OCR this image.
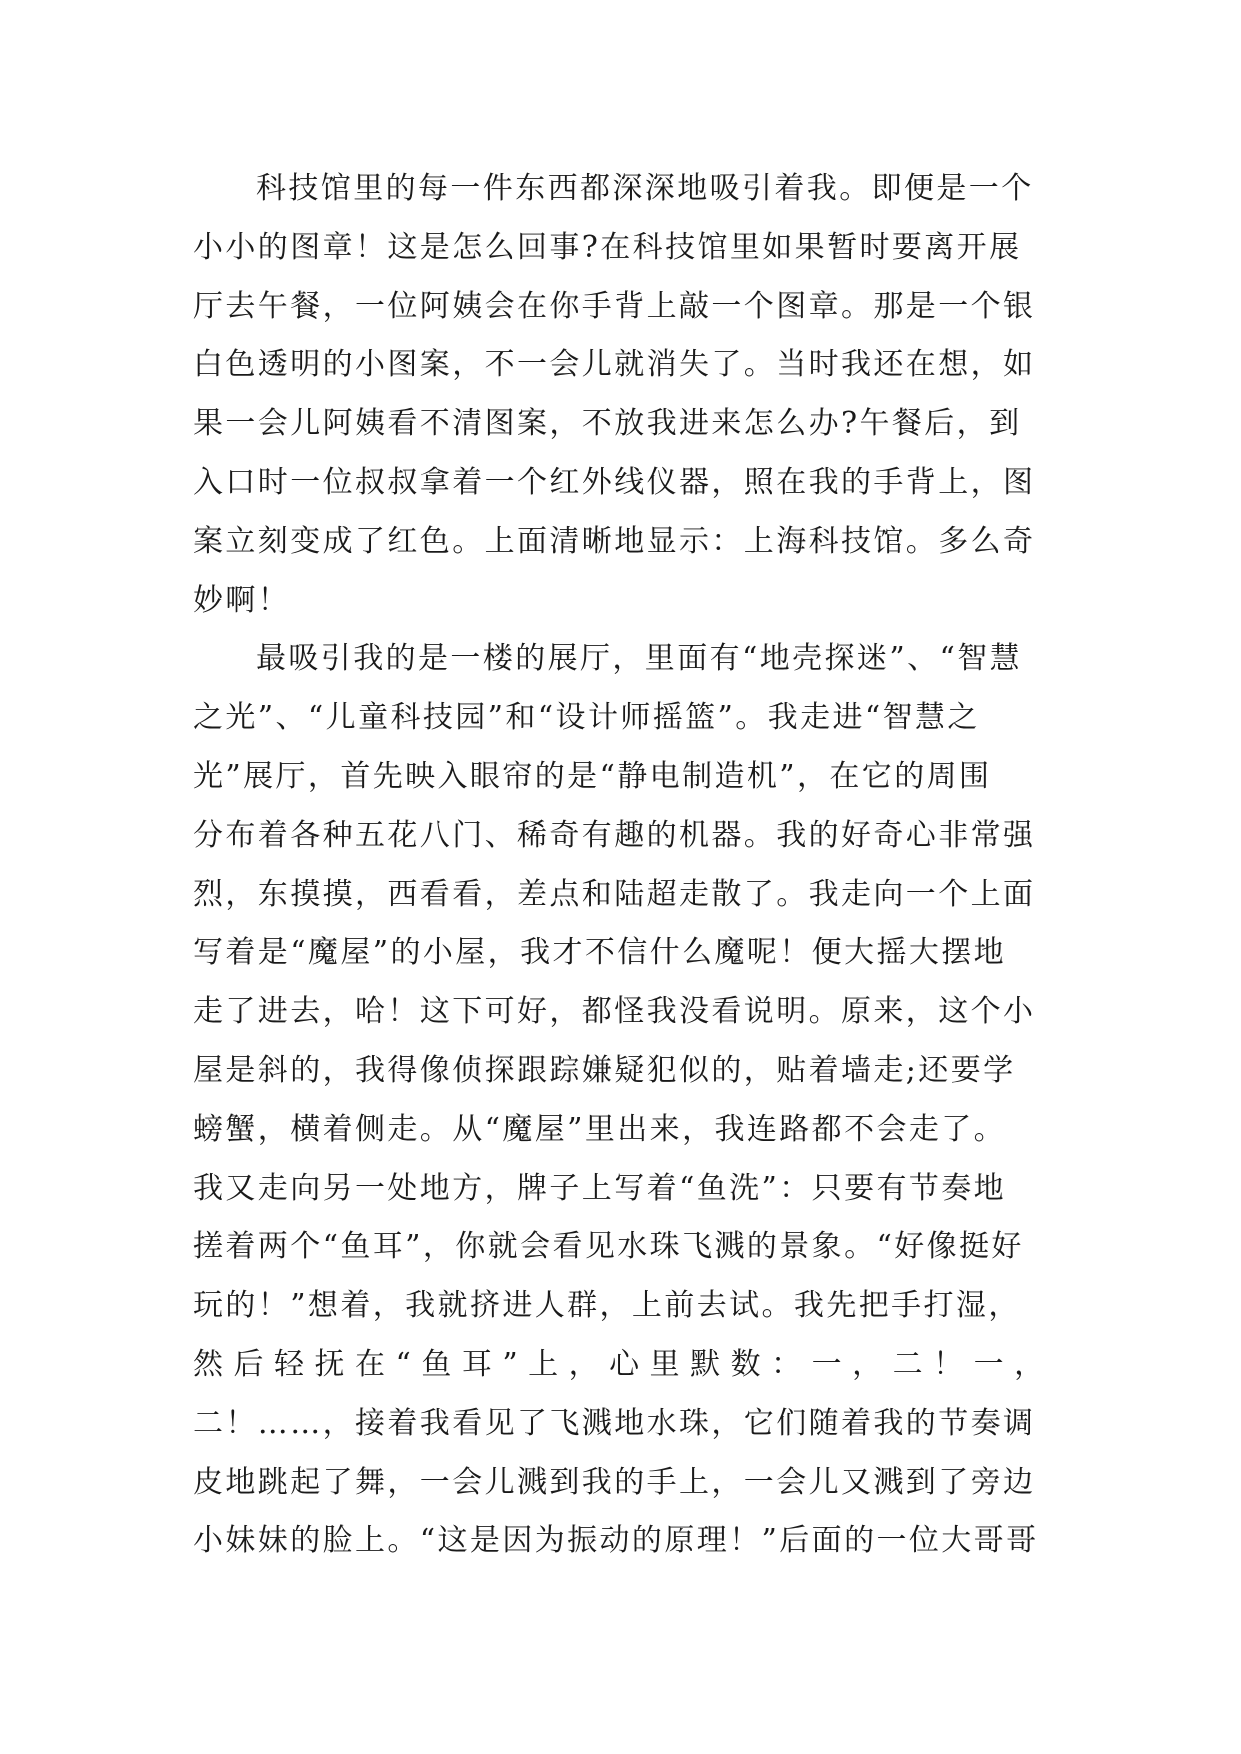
科技馆里的每一件东西都深深地吸引着我。即便是一个
小小的图章！这是怎么回事?在科技馆里如果暂时要离开展
厅去午餐，一位阿姨会在你手背上敲一个图章。那是一个银
白色透明的小图案，不一会儿就消失了。当时我还在想，如
果一会儿阿姨看不清图案，不放我进来怎么办?午餐后，到
入口时一位叔叔拿着一个红外线仪器，照在我的手背上，图
案立刻变成了红色。上面清晰地显示：上海科技馆。多么奇
妙啊！
最吸引我的是一楼的展厅，里面有“地壳探迷”、“智慧
之光”、“儿童科技园”和“设计师摇篮”。我走进“智慧之
光”展厅，首先映入眼帘的是“静电制造机”，在它的周围
分布着各种五花八门、稀奇有趣的机器。我的好奇心非常强
烈，东摸摸，西看看，差点和陆超走散了。我走向一个上面
写着是“魔屋”的小屋，我才不信什么魔呢！便大摇大摆地
走了进去，哈！这下可好，都怪我没看说明。原来，这个小
屋是斜的，我得像侦探跟踪嫌疑犯似的，贴着墙走;还要学
螃蟹，横着侧走。从“魔屋”里出来，我连路都不会走了。
我又走向另一处地方，牌子上写着“鱼洗”：只要有节奏地
搓着两个“鱼耳”，你就会看见水珠飞溅的景象。“好像挺好
玩的！”想着，我就挤进人群，上前去试。我先把手打湿，
然后轻抚在“鱼耳”上，心里默数：一，二！一，
二！……，接着我看见了飞溅地水珠，它们随着我的节奏调
皮地跳起了舞，一会儿溅到我的手上，一会儿又溅到了旁边
小妹妹的脸上。“这是因为振动的原理！”后面的一位大哥哥
